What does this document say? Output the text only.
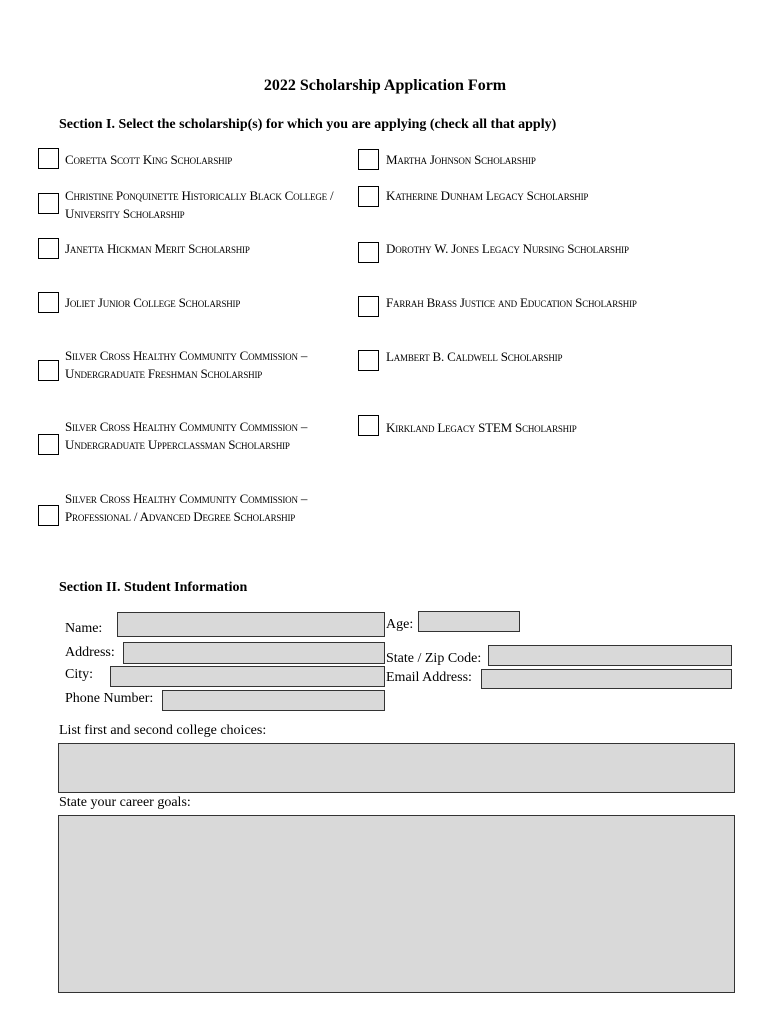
2022 Scholarship Application Form
Section I. Select the scholarship(s) for which you are applying (check all that apply)
Coretta Scott King Scholarship
Christine Ponquinette Historically Black College / University Scholarship
Janetta Hickman Merit Scholarship
Joliet Junior College Scholarship
Silver Cross Healthy Community Commission – Undergraduate Freshman Scholarship
Silver Cross Healthy Community Commission – Undergraduate Upperclassman Scholarship
Silver Cross Healthy Community Commission – Professional / Advanced Degree Scholarship
Martha Johnson Scholarship
Katherine Dunham Legacy Scholarship
Dorothy W. Jones Legacy Nursing Scholarship
Farrah Brass Justice and Education Scholarship
Lambert B. Caldwell Scholarship
Kirkland Legacy STEM Scholarship
Section II. Student Information
Name:	Age:
Address:	State / Zip Code:
City:	Email Address:
Phone Number:
List first and second college choices:
State your career goals:
